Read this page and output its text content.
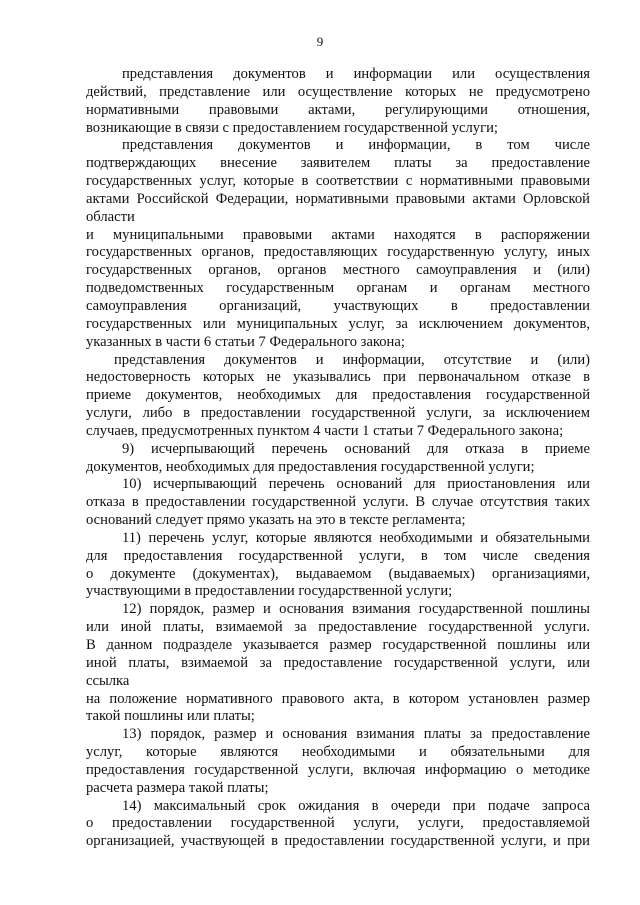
9
представления документов и информации или осуществления
действий, представление или осуществление которых не предусмотрено
нормативными правовыми актами, регулирующими отношения,
возникающие в связи с предоставлением государственной услуги;
представления документов и информации, в том числе
подтверждающих внесение заявителем платы за предоставление
государственных услуг, которые в соответствии с нормативными правовыми
актами Российской Федерации, нормативными правовыми актами Орловской
области
и муниципальными правовыми актами находятся в распоряжении
государственных органов, предоставляющих государственную услугу, иных
государственных органов, органов местного самоуправления и (или)
подведомственных государственным органам и органам местного
самоуправления организаций, участвующих в предоставлении
государственных или муниципальных услуг, за исключением документов,
указанных в части 6 статьи 7 Федерального закона;
представления документов и информации, отсутствие и (или)
недостоверность которых не указывались при первоначальном отказе в
приеме документов, необходимых для предоставления государственной
услуги, либо в предоставлении государственной услуги, за исключением
случаев, предусмотренных пунктом 4 части 1 статьи 7 Федерального закона;
9) исчерпывающий перечень оснований для отказа в приеме
документов, необходимых для предоставления государственной услуги;
10) исчерпывающий перечень оснований для приостановления или
отказа в предоставлении государственной услуги. В случае отсутствия таких
оснований следует прямо указать на это в тексте регламента;
11) перечень услуг, которые являются необходимыми и обязательными
для предоставления государственной услуги, в том числе сведения
о документе (документах), выдаваемом (выдаваемых) организациями,
участвующими в предоставлении государственной услуги;
12) порядок, размер и основания взимания государственной пошлины
или иной платы, взимаемой за предоставление государственной услуги.
В данном подразделе указывается размер государственной пошлины или
иной платы, взимаемой за предоставление государственной услуги, или
ссылка
на положение нормативного правового акта, в котором установлен размер
такой пошлины или платы;
13) порядок, размер и основания взимания платы за предоставление
услуг, которые являются необходимыми и обязательными для
предоставления государственной услуги, включая информацию о методике
расчета размера такой платы;
14) максимальный срок ожидания в очереди при подаче запроса
о предоставлении государственной услуги, услуги, предоставляемой
организацией, участвующей в предоставлении государственной услуги, и при
